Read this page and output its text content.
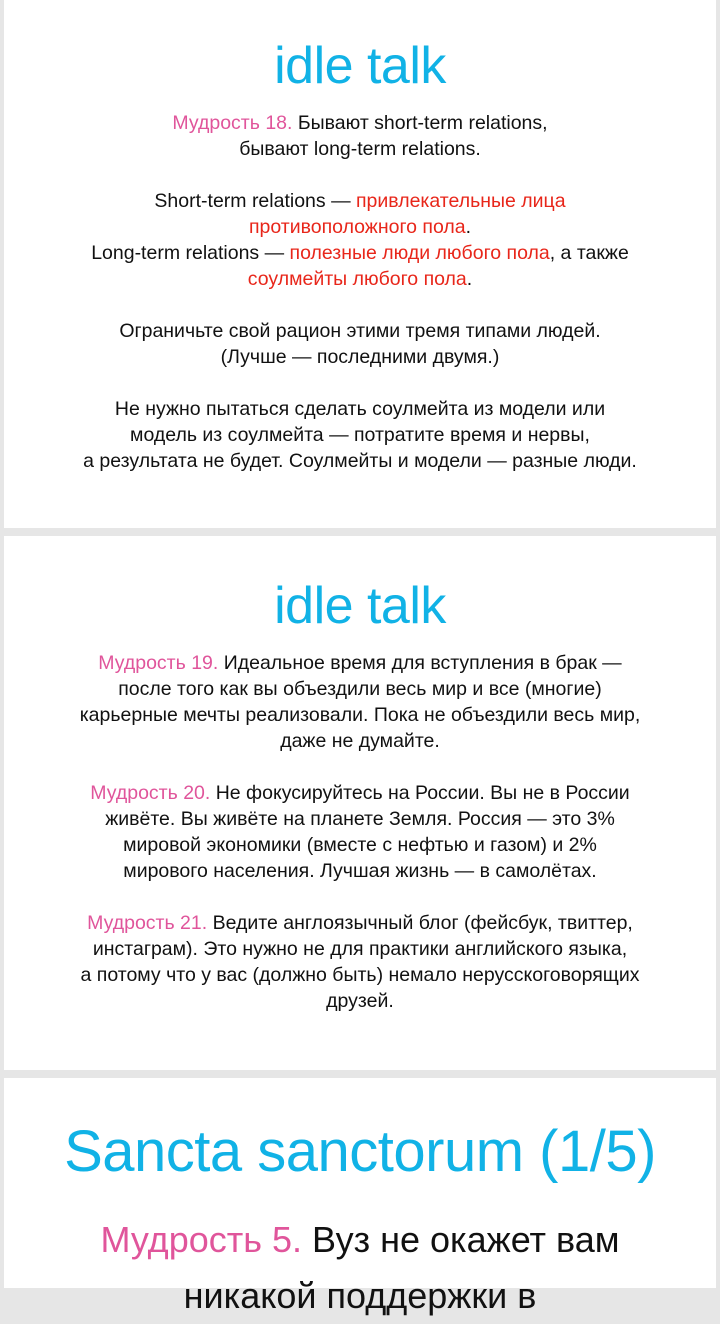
idle talk

Мудрость 18. Бывают short-term relations,
бывают long-term relations.

Short-term relations — привлекательные лица
противоположного пола.
Long-term relations — полезные люди любого пола, а также
соулмейты любого пола.

Ограничьте свой рацион этими тремя типами людей.
(Лучше — последними двумя.)

Не нужно пытаться сделать соулмейта из модели или
модель из соулмейта — потратите время и нервы,
а результата не будет. Соулмейты и модели — разные люди.

idle talk

Мудрость 19. Идеальное время для вступления в брак —
после того как вы объездили весь мир и все (многие)
карьерные мечты реализовали. Пока не объездили весь мир,
даже не думайте.

Мудрость 20. Не фокусируйтесь на России. Вы не в России
живёте. Вы живёте на планете Земля. Россия — это 3%
мировой экономики (вместе с нефтью и газом) и 2%
мирового населения. Лучшая жизнь — в самолётах.

Мудрость 21. Ведите англоязычный блог (фейсбук, твиттер,
инстаграм). Это нужно не для практики английского языка,
а потому что у вас (должно быть) немало нерусскоговорящих
друзей.

Sancta sanctorum (1/5)

Мудрость 5. Вуз не окажет вам
никакой поддержки в
